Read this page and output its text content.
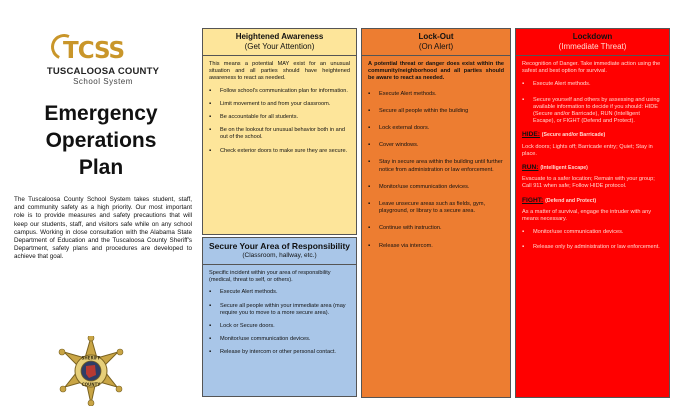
TCSS
TUSCALOOSA COUNTY
School System
Emergency
Operations
Plan
The Tuscaloosa County School System takes student, staff, and community safety as a high priority. Our most important role is to provide measures and safety precautions that will keep our students, staff, and visitors safe while on any school campus. Working in close consultation with the Alabama State Department of Education and the Tuscaloosa County Sheriff's Department, safety plans and procedures are developed to achieve that goal.
SHERIFF
COUNTY
Heightened Awareness
(Get Your Attention)

This means a potential MAY exist for an unusual situation and all parties should have heightened awareness to react as needed.

▪ Follow school's communication plan for information.
▪ Limit movement to and from your classroom.
▪ Be accountable for all students.
▪ Be on the lookout for unusual behavior both in and out of the school.
▪ Check exterior doors to make sure they are secure.
Secure Your Area of Responsibility
(Classroom, hallway, etc.)

Specific incident within your area of responsibility (medical, threat to self, or others).

▪ Execute Alert methods.
▪ Secure all people within your immediate area (may require you to move to a more secure area).
▪ Lock or Secure doors.
▪ Monitor/use communication devices.
▪ Release by intercom or other personal contact.
Lock-Out
(On Alert)

A potential threat or danger does exist within the community/neighborhood and all parties should be aware to react as needed.

▪ Execute Alert methods.
▪ Secure all people within the building
▪ Lock external doors.
▪ Cover windows.
▪ Stay in secure area within the building until further notice from administration or law enforcement.
▪ Monitor/use communication devices.
▪ Leave unsecure areas such as fields, gym, playground, or library to a secure area.
▪ Continue with instruction.
▪ Release via intercom.
Lockdown
(Immediate Threat)

Recognition of Danger. Take immediate action using the safest and best option for survival.

▪ Execute Alert methods.
▪ Secure yourself and others by assessing and using available information to decide if you should: HIDE (Secure and/or Barricade), RUN (Intelligent Escape), or FIGHT (Defend and Protect).
HIDE: (Secure and/or Barricade)

Lock doors; Lights off; Barricade entry; Quiet; Stay in place.

RUN: (Intelligent Escape)

Evacuate to a safer location; Remain with your group; Call 911 when safe; Follow HIDE protocol.

FIGHT: (Defend and Protect)

As a matter of survival, engage the intruder with any means necessary.

▪ Monitor/use communication devices.
▪ Release only by administration or law enforcement.
